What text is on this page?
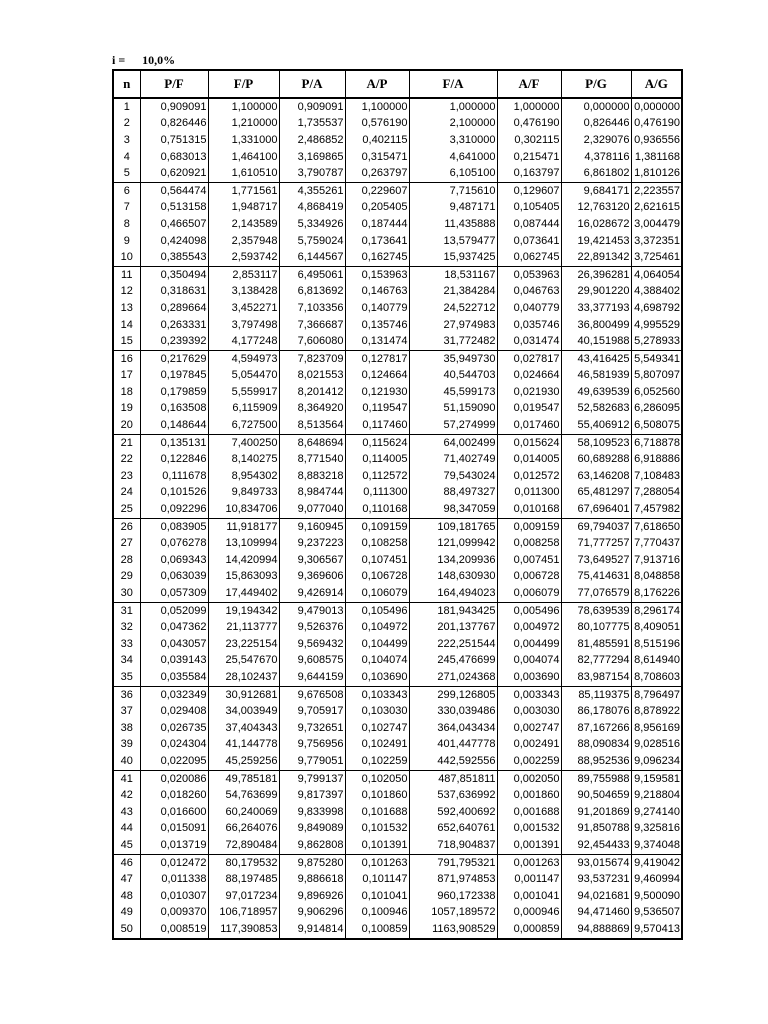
i = 10,0%
n	P/F	F/P	P/A	A/P	F/A	A/F	P/G	A/G
1	0,909091	1,100000	0,909091	1,100000	1,000000	1,000000	0,000000	0,000000
2	0,826446	1,210000	1,735537	0,576190	2,100000	0,476190	0,826446	0,476190
3	0,751315	1,331000	2,486852	0,402115	3,310000	0,302115	2,329076	0,936556
4	0,683013	1,464100	3,169865	0,315471	4,641000	0,215471	4,378116	1,381168
5	0,620921	1,610510	3,790787	0,263797	6,105100	0,163797	6,861802	1,810126
6	0,564474	1,771561	4,355261	0,229607	7,715610	0,129607	9,684171	2,223557
7	0,513158	1,948717	4,868419	0,205405	9,487171	0,105405	12,763120	2,621615
8	0,466507	2,143589	5,334926	0,187444	11,435888	0,087444	16,028672	3,004479
9	0,424098	2,357948	5,759024	0,173641	13,579477	0,073641	19,421453	3,372351
10	0,385543	2,593742	6,144567	0,162745	15,937425	0,062745	22,891342	3,725461
11	0,350494	2,853117	6,495061	0,153963	18,531167	0,053963	26,396281	4,064054
12	0,318631	3,138428	6,813692	0,146763	21,384284	0,046763	29,901220	4,388402
13	0,289664	3,452271	7,103356	0,140779	24,522712	0,040779	33,377193	4,698792
14	0,263331	3,797498	7,366687	0,135746	27,974983	0,035746	36,800499	4,995529
15	0,239392	4,177248	7,606080	0,131474	31,772482	0,031474	40,151988	5,278933
16	0,217629	4,594973	7,823709	0,127817	35,949730	0,027817	43,416425	5,549341
17	0,197845	5,054470	8,021553	0,124664	40,544703	0,024664	46,581939	5,807097
18	0,179859	5,559917	8,201412	0,121930	45,599173	0,021930	49,639539	6,052560
19	0,163508	6,115909	8,364920	0,119547	51,159090	0,019547	52,582683	6,286095
20	0,148644	6,727500	8,513564	0,117460	57,274999	0,017460	55,406912	6,508075
21	0,135131	7,400250	8,648694	0,115624	64,002499	0,015624	58,109523	6,718878
22	0,122846	8,140275	8,771540	0,114005	71,402749	0,014005	60,689288	6,918886
23	0,111678	8,954302	8,883218	0,112572	79,543024	0,012572	63,146208	7,108483
24	0,101526	9,849733	8,984744	0,111300	88,497327	0,011300	65,481297	7,288054
25	0,092296	10,834706	9,077040	0,110168	98,347059	0,010168	67,696401	7,457982
26	0,083905	11,918177	9,160945	0,109159	109,181765	0,009159	69,794037	7,618650
27	0,076278	13,109994	9,237223	0,108258	121,099942	0,008258	71,777257	7,770437
28	0,069343	14,420994	9,306567	0,107451	134,209936	0,007451	73,649527	7,913716
29	0,063039	15,863093	9,369606	0,106728	148,630930	0,006728	75,414631	8,048858
30	0,057309	17,449402	9,426914	0,106079	164,494023	0,006079	77,076579	8,176226
31	0,052099	19,194342	9,479013	0,105496	181,943425	0,005496	78,639539	8,296174
32	0,047362	21,113777	9,526376	0,104972	201,137767	0,004972	80,107775	8,409051
33	0,043057	23,225154	9,569432	0,104499	222,251544	0,004499	81,485591	8,515196
34	0,039143	25,547670	9,608575	0,104074	245,476699	0,004074	82,777294	8,614940
35	0,035584	28,102437	9,644159	0,103690	271,024368	0,003690	83,987154	8,708603
36	0,032349	30,912681	9,676508	0,103343	299,126805	0,003343	85,119375	8,796497
37	0,029408	34,003949	9,705917	0,103030	330,039486	0,003030	86,178076	8,878922
38	0,026735	37,404343	9,732651	0,102747	364,043434	0,002747	87,167266	8,956169
39	0,024304	41,144778	9,756956	0,102491	401,447778	0,002491	88,090834	9,028516
40	0,022095	45,259256	9,779051	0,102259	442,592556	0,002259	88,952536	9,096234
41	0,020086	49,785181	9,799137	0,102050	487,851811	0,002050	89,755988	9,159581
42	0,018260	54,763699	9,817397	0,101860	537,636992	0,001860	90,504659	9,218804
43	0,016600	60,240069	9,833998	0,101688	592,400692	0,001688	91,201869	9,274140
44	0,015091	66,264076	9,849089	0,101532	652,640761	0,001532	91,850788	9,325816
45	0,013719	72,890484	9,862808	0,101391	718,904837	0,001391	92,454433	9,374048
46	0,012472	80,179532	9,875280	0,101263	791,795321	0,001263	93,015674	9,419042
47	0,011338	88,197485	9,886618	0,101147	871,974853	0,001147	93,537231	9,460994
48	0,010307	97,017234	9,896926	0,101041	960,172338	0,001041	94,021681	9,500090
49	0,009370	106,718957	9,906296	0,100946	1057,189572	0,000946	94,471460	9,536507
50	0,008519	117,390853	9,914814	0,100859	1163,908529	0,000859	94,888869	9,570413
